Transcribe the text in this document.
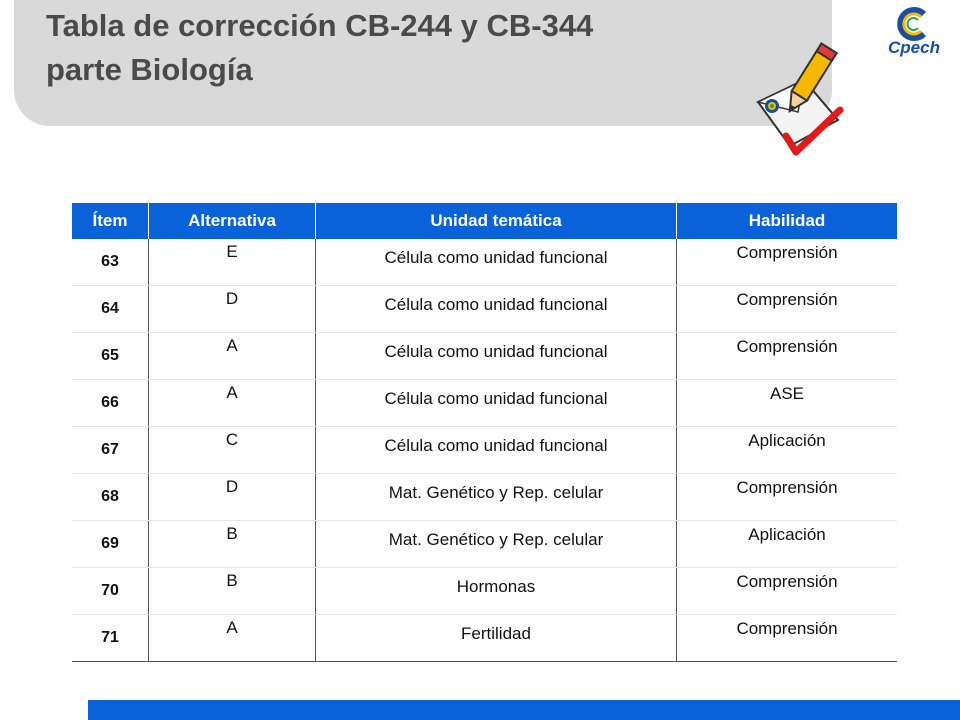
Tabla de corrección CB-244 y CB-344
parte Biología
Cpech
Ítem	Alternativa	Unidad temática	Habilidad
63	E	Célula como unidad funcional	Comprensión
64	D	Célula como unidad funcional	Comprensión
65	A	Célula como unidad funcional	Comprensión
66	A	Célula como unidad funcional	ASE
67	C	Célula como unidad funcional	Aplicación
68	D	Mat. Genético y Rep. celular	Comprensión
69	B	Mat. Genético y Rep. celular	Aplicación
70	B	Hormonas	Comprensión
71	A	Fertilidad	Comprensión
